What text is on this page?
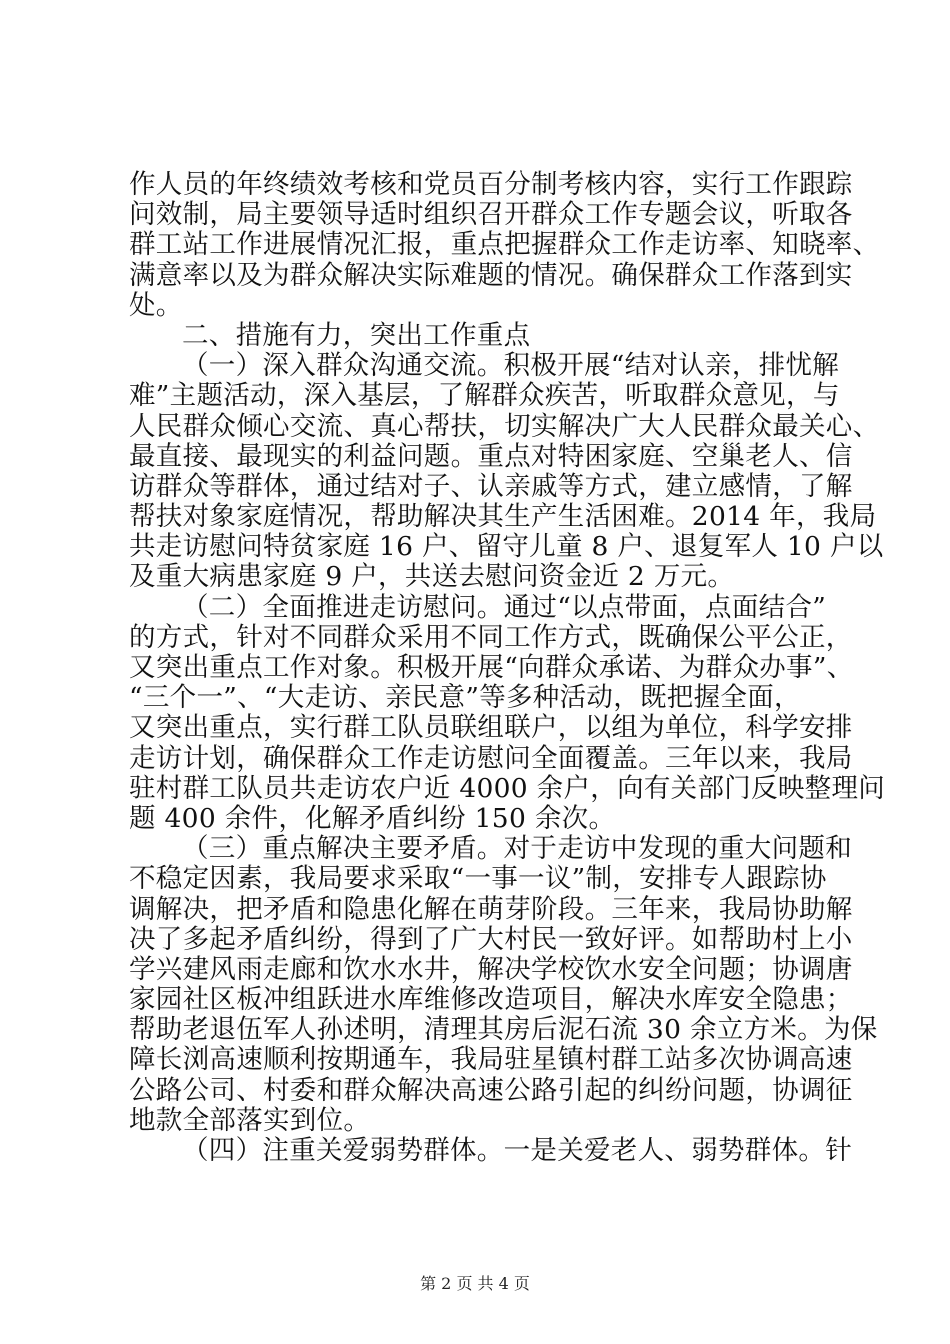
作人员的年终绩效考核和党员百分制考核内容，实行工作跟踪
问效制，局主要领导适时组织召开群众工作专题会议，听取各
群工站工作进展情况汇报，重点把握群众工作走访率、知晓率、
满意率以及为群众解决实际难题的情况。确保群众工作落到实
处。
二、措施有力，突出工作重点
（一）深入群众沟通交流。积极开展“结对认亲，排忧解
难”主题活动，深入基层，了解群众疾苦，听取群众意见，与
人民群众倾心交流、真心帮扶，切实解决广大人民群众最关心、
最直接、最现实的利益问题。重点对特困家庭、空巢老人、信
访群众等群体，通过结对子、认亲戚等方式，建立感情，了解
帮扶对象家庭情况，帮助解决其生产生活困难。2014 年，我局
共走访慰问特贫家庭 16 户、留守儿童 8 户、退复军人 10 户以
及重大病患家庭 9 户，共送去慰问资金近 2 万元。
（二）全面推进走访慰问。通过“以点带面，点面结合”
的方式，针对不同群众采用不同工作方式，既确保公平公正，
又突出重点工作对象。积极开展“向群众承诺、为群众办事”、
“三个一”、“大走访、亲民意”等多种活动，既把握全面，
又突出重点，实行群工队员联组联户，以组为单位，科学安排
走访计划，确保群众工作走访慰问全面覆盖。三年以来，我局
驻村群工队员共走访农户近 4000 余户，向有关部门反映整理问
题 400 余件，化解矛盾纠纷 150 余次。
（三）重点解决主要矛盾。对于走访中发现的重大问题和
不稳定因素，我局要求采取“一事一议”制，安排专人跟踪协
调解决，把矛盾和隐患化解在萌芽阶段。三年来，我局协助解
决了多起矛盾纠纷，得到了广大村民一致好评。如帮助村上小
学兴建风雨走廊和饮水水井，解决学校饮水安全问题；协调唐
家园社区板冲组跃进水库维修改造项目，解决水库安全隐患；
帮助老退伍军人孙述明，清理其房后泥石流 30 余立方米。为保
障长浏高速顺利按期通车，我局驻星镇村群工站多次协调高速
公路公司、村委和群众解决高速公路引起的纠纷问题，协调征
地款全部落实到位。
（四）注重关爱弱势群体。一是关爱老人、弱势群体。针
第 2 页 共 4 页
